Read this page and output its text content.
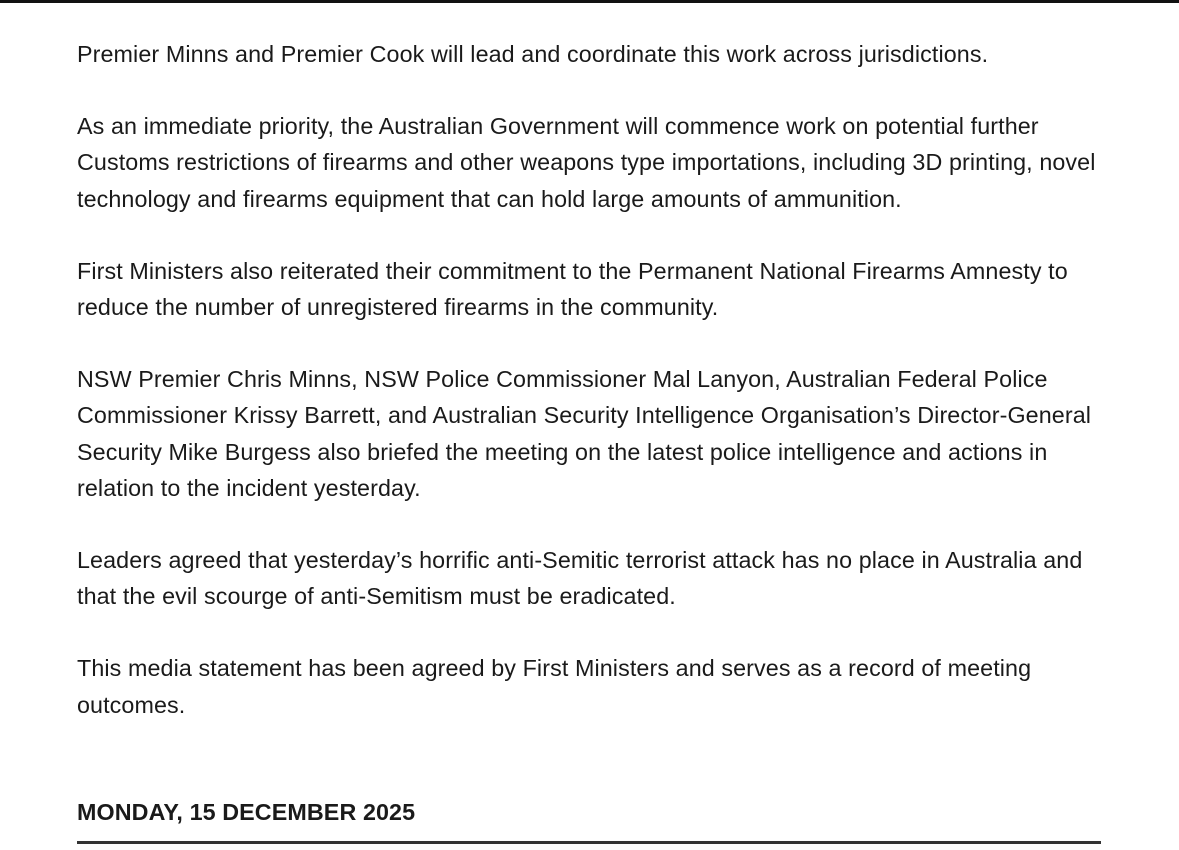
Premier Minns and Premier Cook will lead and coordinate this work across jurisdictions.

As an immediate priority, the Australian Government will commence work on potential further Customs restrictions of firearms and other weapons type importations, including 3D printing, novel technology and firearms equipment that can hold large amounts of ammunition.

First Ministers also reiterated their commitment to the Permanent National Firearms Amnesty to reduce the number of unregistered firearms in the community.

NSW Premier Chris Minns, NSW Police Commissioner Mal Lanyon, Australian Federal Police Commissioner Krissy Barrett, and Australian Security Intelligence Organisation’s Director-General Security Mike Burgess also briefed the meeting on the latest police intelligence and actions in relation to the incident yesterday.

Leaders agreed that yesterday’s horrific anti-Semitic terrorist attack has no place in Australia and that the evil scourge of anti-Semitism must be eradicated.

This media statement has been agreed by First Ministers and serves as a record of meeting outcomes.

MONDAY, 15 DECEMBER 2025
